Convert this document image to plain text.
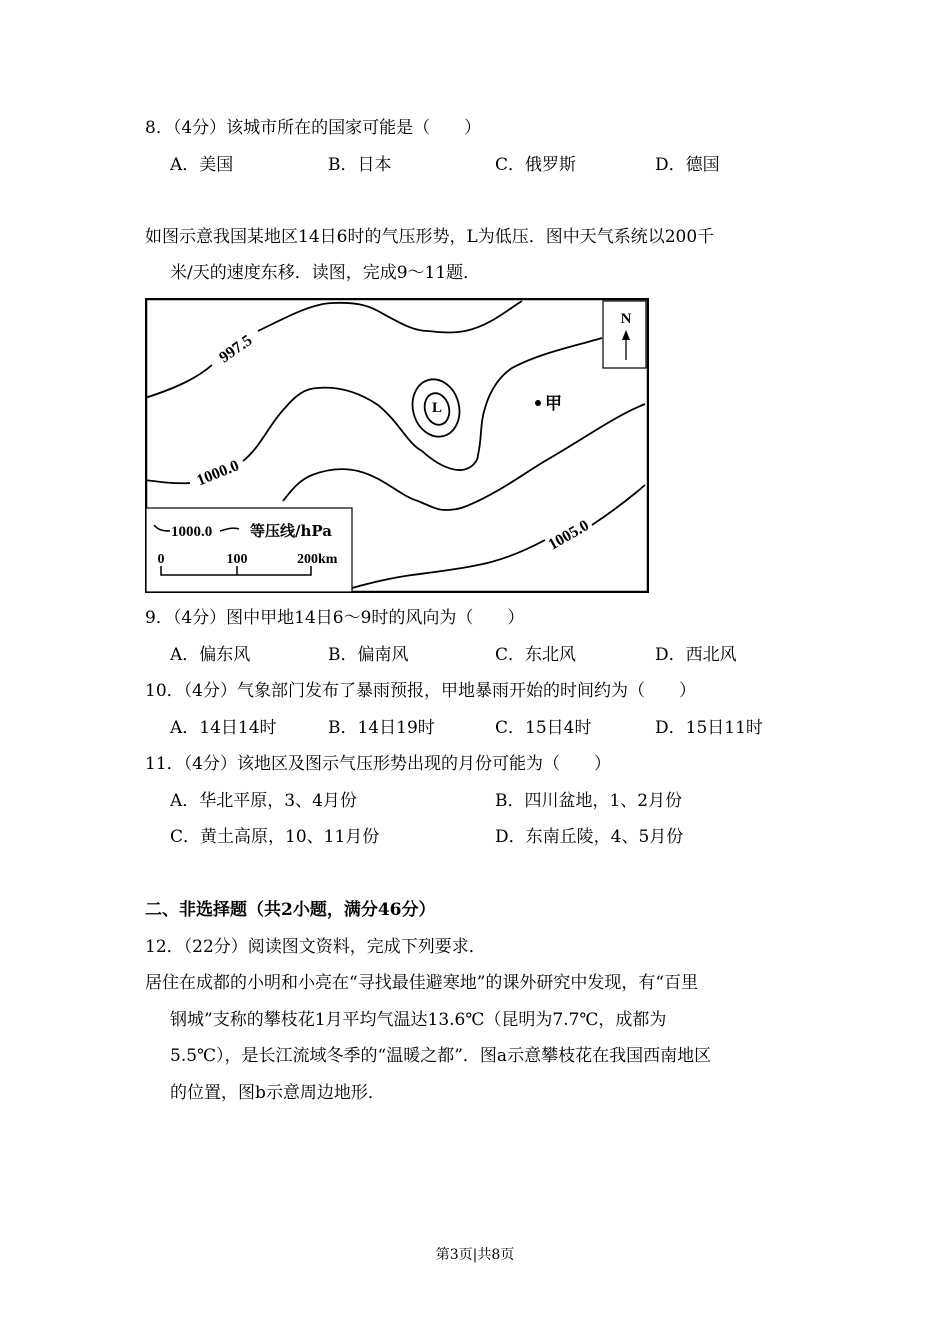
8．（4分）该城市所在的国家可能是（　　）
A．美国	B．日本	C．俄罗斯	D．德国
如图示意我国某地区14日6时的气压形势，L为低压．图中天气系统以200千
米/天的速度东移．读图，完成9～11题．
997.5
1000.0
1005.0
L	甲
N
1000.0	等压线/hPa
0	100	200km
9．（4分）图中甲地14日6～9时的风向为（　　）
A．偏东风	B．偏南风	C．东北风	D．西北风
10．（4分）气象部门发布了暴雨预报，甲地暴雨开始的时间约为（　　）
A．14日14时	B．14日19时	C．15日4时	D．15日11时
11．（4分）该地区及图示气压形势出现的月份可能为（　　）
A．华北平原，3、4月份	B．四川盆地，1、2月份
C．黄土高原，10、11月份	D．东南丘陵，4、5月份
二、非选择题（共2小题，满分46分）
12．（22分）阅读图文资料，完成下列要求．
居住在成都的小明和小亮在“寻找最佳避寒地”的课外研究中发现，有“百里
钢城”支称的攀枝花1月平均气温达13.6℃（昆明为7.7℃，成都为
5.5℃），是长江流域冬季的“温暖之都”．图a示意攀枝花在我国西南地区
的位置，图b示意周边地形．
第3页|共8页
